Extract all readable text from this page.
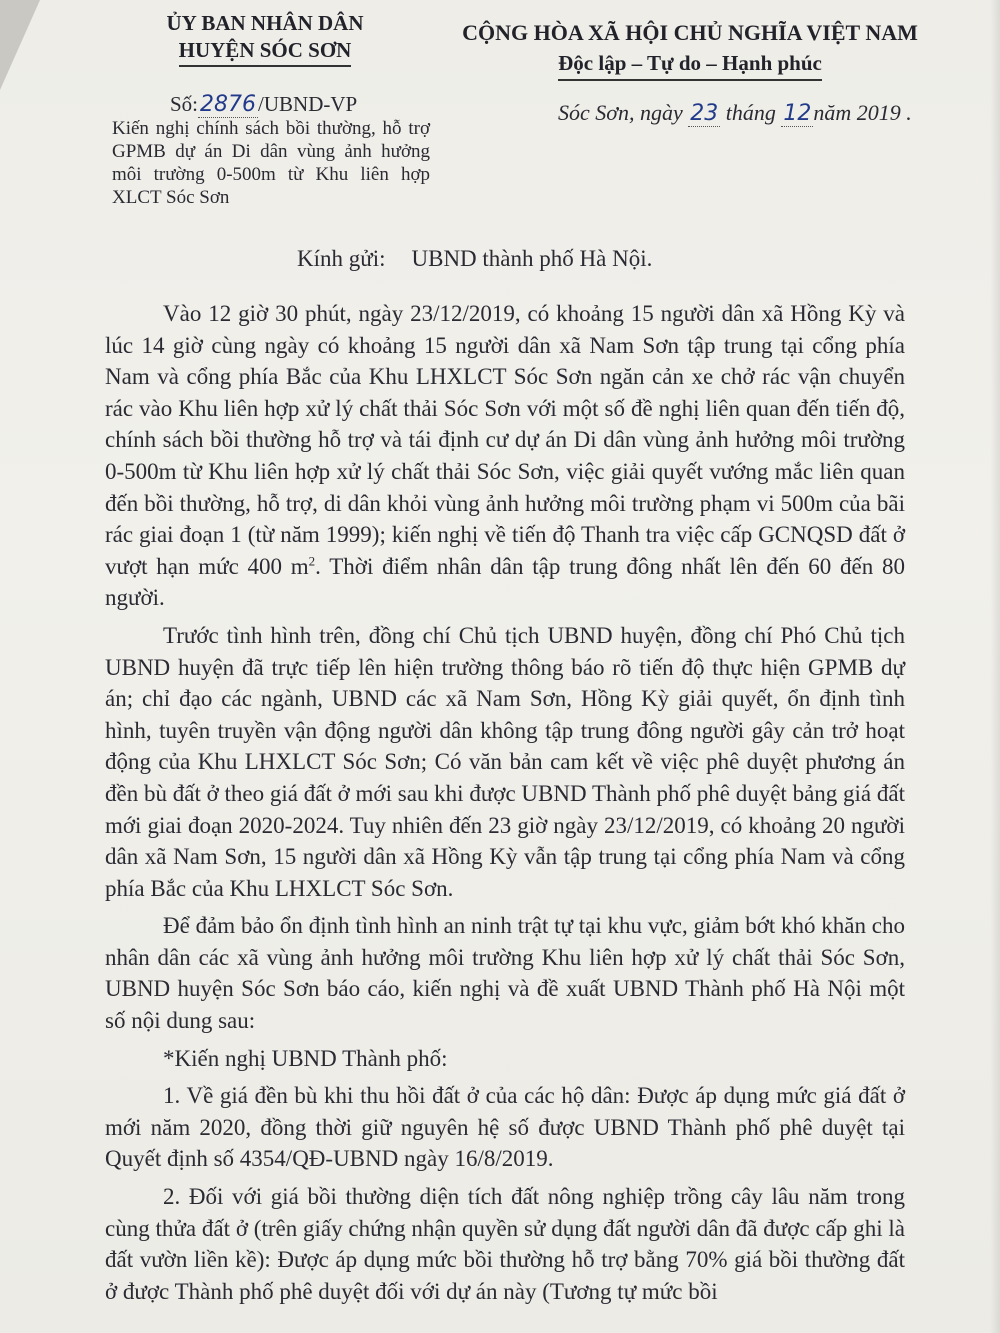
ỦY BAN NHÂN DÂN
HUYỆN SÓC SƠN
CỘNG HÒA XÃ HỘI CHỦ NGHĨA VIỆT NAM
Độc lập – Tự do – Hạnh phúc
Số:2876/UBND-VP	Sóc Sơn, ngày 23 tháng 12năm 2019 .
Kiến nghị chính sách bồi thường, hỗ trợ GPMB dự án Di dân vùng ảnh hưởng môi trường 0-500m từ Khu liên hợp XLCT Sóc Sơn
Kính gửi: UBND thành phố Hà Nội.

Vào 12 giờ 30 phút, ngày 23/12/2019, có khoảng 15 người dân xã Hồng Kỳ và lúc 14 giờ cùng ngày có khoảng 15 người dân xã Nam Sơn tập trung tại cổng phía Nam và cổng phía Bắc của Khu LHXLCT Sóc Sơn ngăn cản xe chở rác vận chuyển rác vào Khu liên hợp xử lý chất thải Sóc Sơn với một số đề nghị liên quan đến tiến độ, chính sách bồi thường hỗ trợ và tái định cư dự án Di dân vùng ảnh hưởng môi trường 0-500m từ Khu liên hợp xử lý chất thải Sóc Sơn, việc giải quyết vướng mắc liên quan đến bồi thường, hỗ trợ, di dân khỏi vùng ảnh hưởng môi trường phạm vi 500m của bãi rác giai đoạn 1 (từ năm 1999); kiến nghị về tiến độ Thanh tra việc cấp GCNQSD đất ở vượt hạn mức 400 $m^2$. Thời điểm nhân dân tập trung đông nhất lên đến 60 đến 80 người.

Trước tình hình trên, đồng chí Chủ tịch UBND huyện, đồng chí Phó Chủ tịch UBND huyện đã trực tiếp lên hiện trường thông báo rõ tiến độ thực hiện GPMB dự án; chỉ đạo các ngành, UBND các xã Nam Sơn, Hồng Kỳ giải quyết, ổn định tình hình, tuyên truyền vận động người dân không tập trung đông người gây cản trở hoạt động của Khu LHXLCT Sóc Sơn; Có văn bản cam kết về việc phê duyệt phương án đền bù đất ở theo giá đất ở mới sau khi được UBND Thành phố phê duyệt bảng giá đất mới giai đoạn 2020-2024. Tuy nhiên đến 23 giờ ngày 23/12/2019, có khoảng 20 người dân xã Nam Sơn, 15 người dân xã Hồng Kỳ vẫn tập trung tại cổng phía Nam và cổng phía Bắc của Khu LHXLCT Sóc Sơn.

Để đảm bảo ổn định tình hình an ninh trật tự tại khu vực, giảm bớt khó khăn cho nhân dân các xã vùng ảnh hưởng môi trường Khu liên hợp xử lý chất thải Sóc Sơn, UBND huyện Sóc Sơn báo cáo, kiến nghị và đề xuất UBND Thành phố Hà Nội một số nội dung sau:

*Kiến nghị UBND Thành phố:

1. Về giá đền bù khi thu hồi đất ở của các hộ dân: Được áp dụng mức giá đất ở mới năm 2020, đồng thời giữ nguyên hệ số được UBND Thành phố phê duyệt tại Quyết định số 4354/QĐ-UBND ngày 16/8/2019.

2. Đối với giá bồi thường diện tích đất nông nghiệp trồng cây lâu năm trong cùng thửa đất ở (trên giấy chứng nhận quyền sử dụng đất người dân đã được cấp ghi là đất vườn liền kề): Được áp dụng mức bồi thường hỗ trợ bằng 70% giá bồi thường đất ở được Thành phố phê duyệt đối với dự án này (Tương tự mức bồi
